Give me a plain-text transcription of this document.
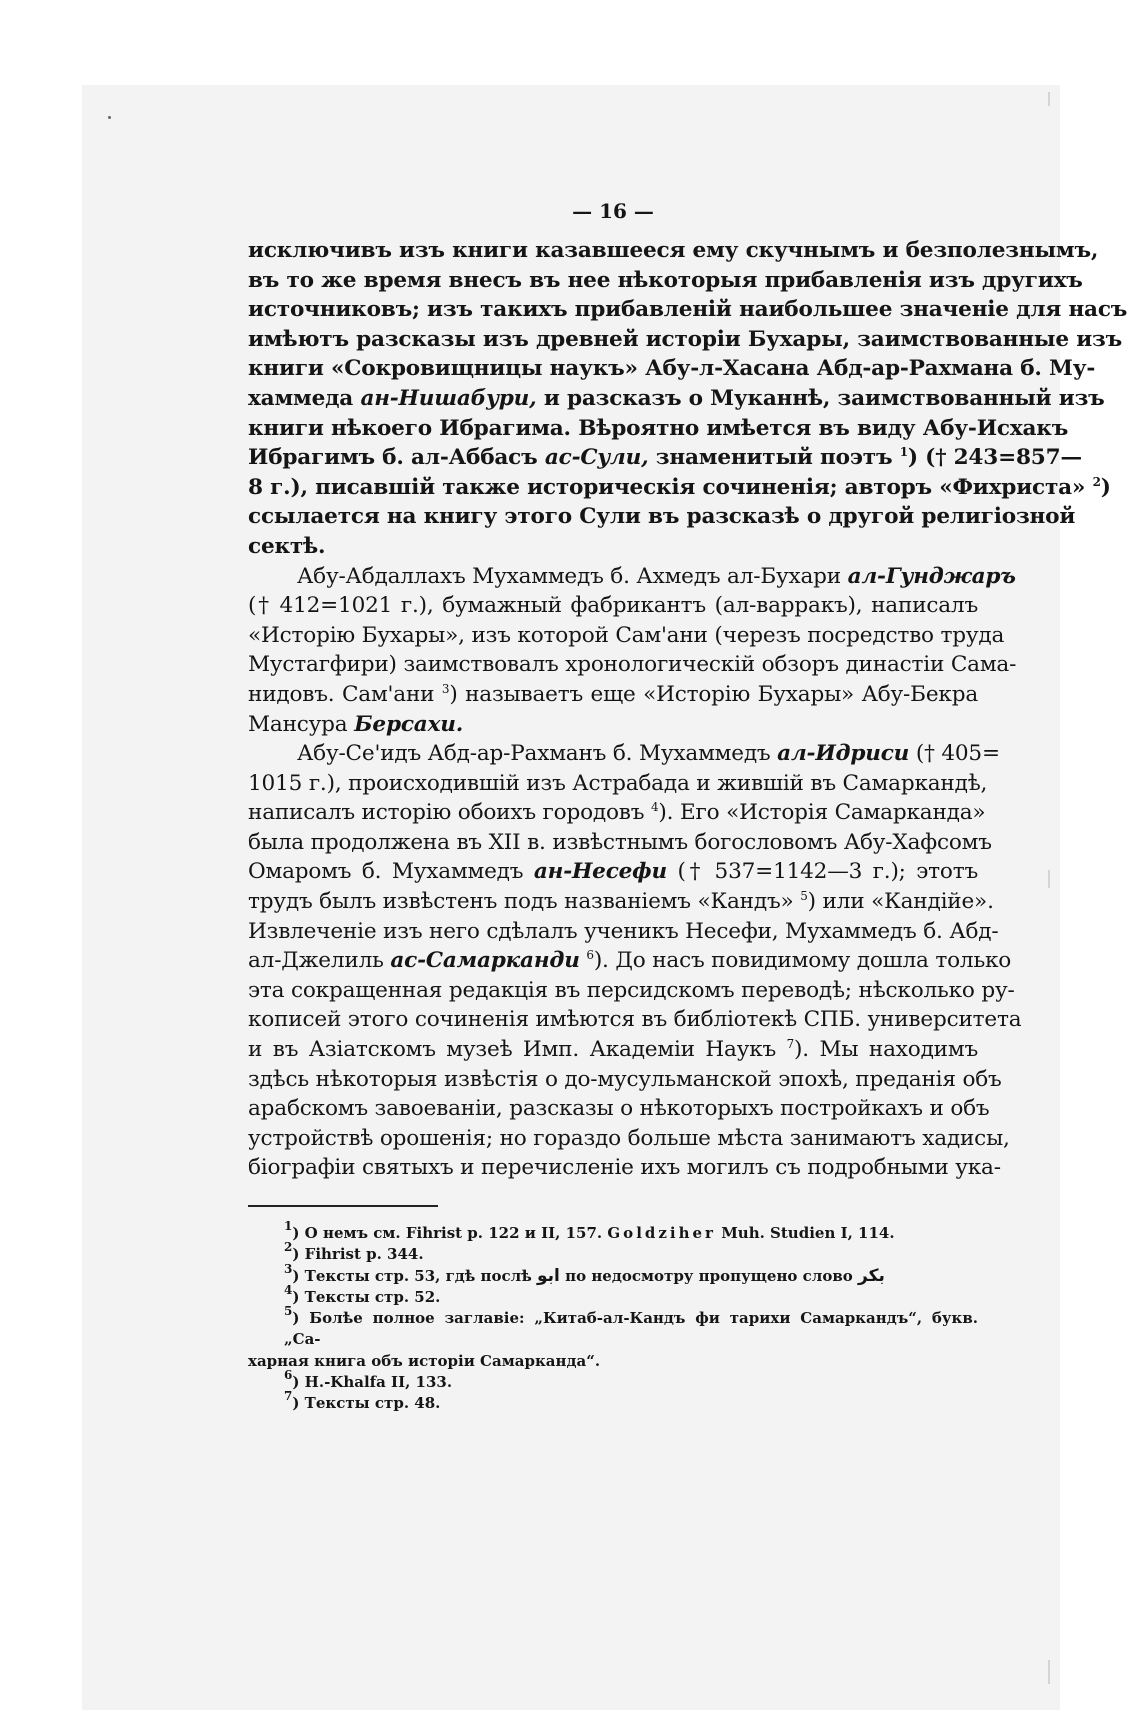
— 16 —
исключивъ изъ книги казавшееся ему скучнымъ и безполезнымъ,
въ то же время внесъ въ нее нѣкоторыя прибавленія изъ другихъ
источниковъ; изъ такихъ прибавленій наибольшее значеніе для насъ
имѣютъ разсказы изъ древней исторіи Бухары, заимствованные изъ
книги «Сокровищницы наукъ» Абу-л-Хасана Абд-ар-Рахмана б. Му-
хаммеда ан-Нишабури, и разсказъ о Муканнѣ, заимствованный изъ
книги нѣкоего Ибрагима. Вѣроятно имѣется въ виду Абу-Исхакъ
Ибрагимъ б. ал-Аббасъ ас-Сули, знаменитый поэтъ $^1$) († 243=857—
8 г.), писавшій также историческія сочиненія; авторъ «Фихриста» $^2$)
ссылается на книгу этого Сули въ разсказѣ о другой религіозной
сектѣ.
Абу-Абдаллахъ Мухаммедъ б. Ахмедъ ал-Бухари ал-Гунджаръ
(† 412=1021 г.), бумажный фабрикантъ (ал-варракъ), написалъ
«Исторію Бухары», изъ которой Сам'ани (черезъ посредство труда
Мустагфири) заимствовалъ хронологическій обзоръ династіи Сама-
нидовъ. Сам'ани $^3$) называетъ еще «Исторію Бухары» Абу-Бекра
Мансура Берсахи.
Абу-Се'идъ Абд-ар-Рахманъ б. Мухаммедъ ал-Идриси († 405=
1015 г.), происходившій изъ Астрабада и жившій въ Самаркандѣ,
написалъ исторію обоихъ городовъ $^4$). Его «Исторія Самарканда»
была продолжена въ XII в. извѣстнымъ богословомъ Абу-Хафсомъ
Омаромъ б. Мухаммедъ ан-Несефи († 537=1142—3 г.); этотъ
трудъ былъ извѣстенъ подъ названіемъ «Кандъ» $^5$) или «Кандійе».
Извлеченіе изъ него сдѣлалъ ученикъ Несефи, Мухаммедъ б. Абд-
ал-Джелиль ас-Самарканди $^6$). До насъ повидимому дошла только
эта сокращенная редакція въ персидскомъ переводѣ; нѣсколько ру-
кописей этого сочиненія имѣются въ библіотекѣ СПБ. университета
и въ Азіатскомъ музеѣ Имп. Академіи Наукъ $^7$). Мы находимъ
здѣсь нѣкоторыя извѣстія о до-мусульманской эпохѣ, преданія объ
арабскомъ завоеваніи, разсказы о нѣкоторыхъ постройкахъ и объ
устройствѣ орошенія; но гораздо больше мѣста занимаютъ хадисы,
біографіи святыхъ и перечисленіе ихъ могилъ съ подробными ука-
$^1$) О немъ см. Fihrist p. 122 и II, 157. Goldziher Muh. Studien I, 114.
$^2$) Fihrist p. 344.
$^3$) Тексты стр. 53, гдѣ послѣ ابو по недосмотру пропущено слово بكر
$^4$) Тексты стр. 52.
$^5$) Болѣе полное заглавіе: „Китаб-ал-Кандъ фи тарихи Самаркандъ“, букв. „Са-
харная книга объ исторіи Самарканда“.
$^6$) H.-Khalfa II, 133.
$^7$) Тексты стр. 48.
